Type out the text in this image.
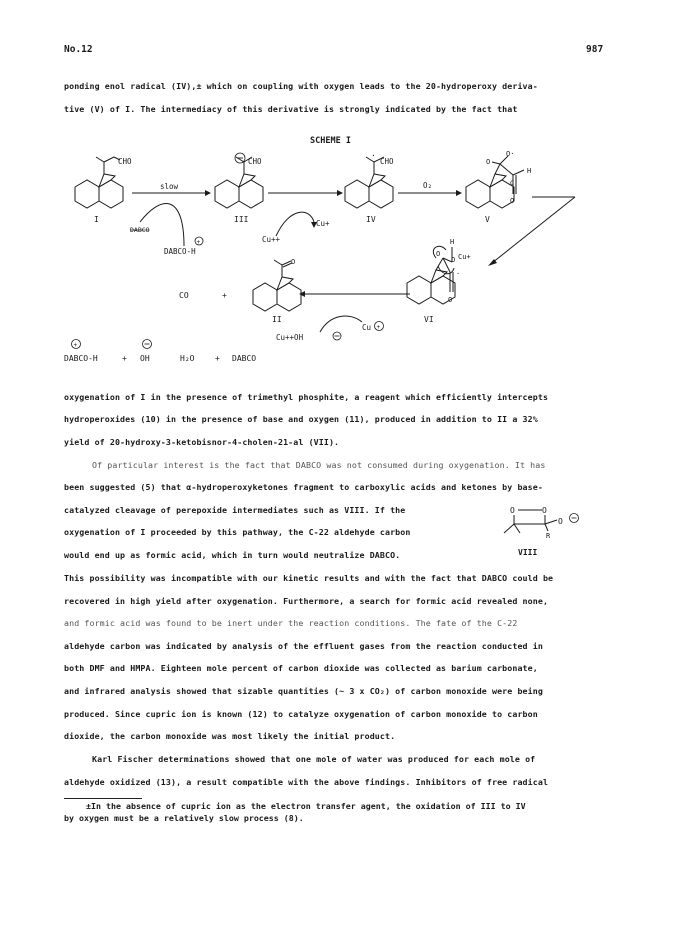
No.12	987
ponding enol radical (IV),± which on coupling with oxygen leads to the 20-hydroperoxy deriva-
tive (V) of I. The intermediacy of this derivative is strongly indicated by the fact that
SCHEME I
CHO
I
slow
DABCO
DABCO-H
+
CHO
III
Cu++
Cu+
·
CHO
IV
O₂
O
O·
H
C
O
V
H
O
O Cu+
·
O
VI
Cu++OH
Cu +
O
II
CO	+
+
DABCO-H	+ OH	H₂O	+ DABCO
oxygenation of I in the presence of trimethyl phosphite, a reagent which efficiently intercepts
hydroperoxides (10) in the presence of base and oxygen (11), produced in addition to II a 32%
yield of 20-hydroxy-3-ketobisnor-4-cholen-21-al (VII).
Of particular interest is the fact that DABCO was not consumed during oxygenation. It has
been suggested (5) that α-hydroperoxyketones fragment to carboxylic acids and ketones by base-
catalyzed cleavage of perepoxide intermediates such as VIII. If the
oxygenation of I proceeded by this pathway, the C-22 aldehyde carbon
would end up as formic acid, which in turn would neutralize DABCO.
O	O
O
R
VIII
This possibility was incompatible with our kinetic results and with the fact that DABCO could be
recovered in high yield after oxygenation. Furthermore, a search for formic acid revealed none,
and formic acid was found to be inert under the reaction conditions. The fate of the C-22
aldehyde carbon was indicated by analysis of the effluent gases from the reaction conducted in
both DMF and HMPA. Eighteen mole percent of carbon dioxide was collected as barium carbonate,
and infrared analysis showed that sizable quantities (~ 3 x CO₂) of carbon monoxide were being
produced. Since cupric ion is known (12) to catalyze oxygenation of carbon monoxide to carbon
dioxide, the carbon monoxide was most likely the initial product.
Karl Fischer determinations showed that one mole of water was produced for each mole of
aldehyde oxidized (13), a result compatible with the above findings. Inhibitors of free radical
±In the absence of cupric ion as the electron transfer agent, the oxidation of III to IV
by oxygen must be a relatively slow process (8).
